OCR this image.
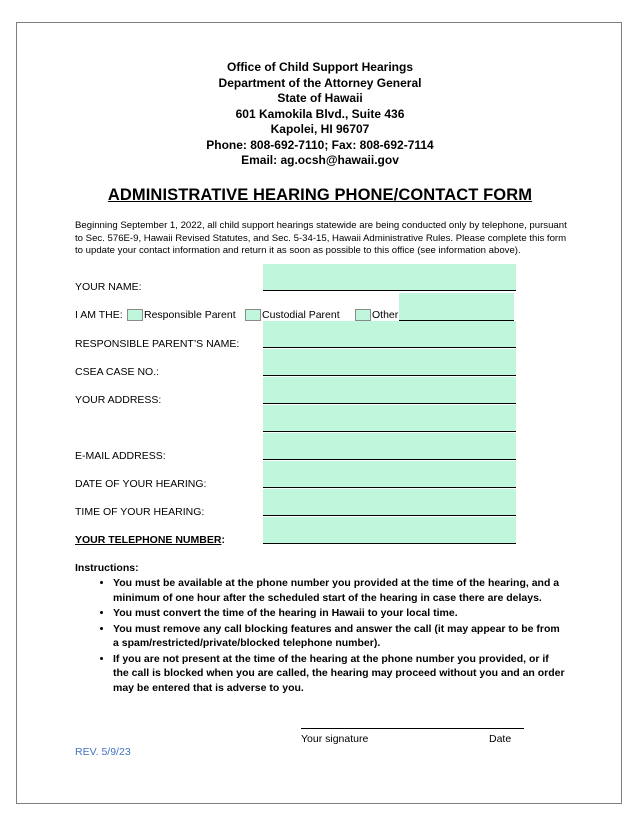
Office of Child Support Hearings
Department of the Attorney General
State of Hawaii
601 Kamokila Blvd., Suite 436
Kapolei, HI 96707
Phone: 808-692-7110; Fax: 808-692-7114
Email: ag.ocsh@hawaii.gov
ADMINISTRATIVE HEARING PHONE/CONTACT FORM
Beginning September 1, 2022, all child support hearings statewide are being conducted only by telephone, pursuant to Sec. 576E-9, Hawaii Revised Statutes, and Sec. 5-34-15, Hawaii Administrative Rules. Please complete this form to update your contact information and return it as soon as possible to this office (see information above).
YOUR NAME:
I AM THE: Responsible Parent	Custodial Parent	Other
RESPONSIBLE PARENT’S NAME:
CSEA CASE NO.:
YOUR ADDRESS:
E-MAIL ADDRESS:
DATE OF YOUR HEARING:
TIME OF YOUR HEARING:
YOUR TELEPHONE NUMBER:
Instructions:
• You must be available at the phone number you provided at the time of the hearing, and a minimum of one hour after the scheduled start of the hearing in case there are delays.
• You must convert the time of the hearing in Hawaii to your local time.
• You must remove any call blocking features and answer the call (it may appear to be from a spam/restricted/private/blocked telephone number).
• If you are not present at the time of the hearing at the phone number you provided, or if the call is blocked when you are called, the hearing may proceed without you and an order may be entered that is adverse to you.
Your signature	Date
REV. 5/9/23
